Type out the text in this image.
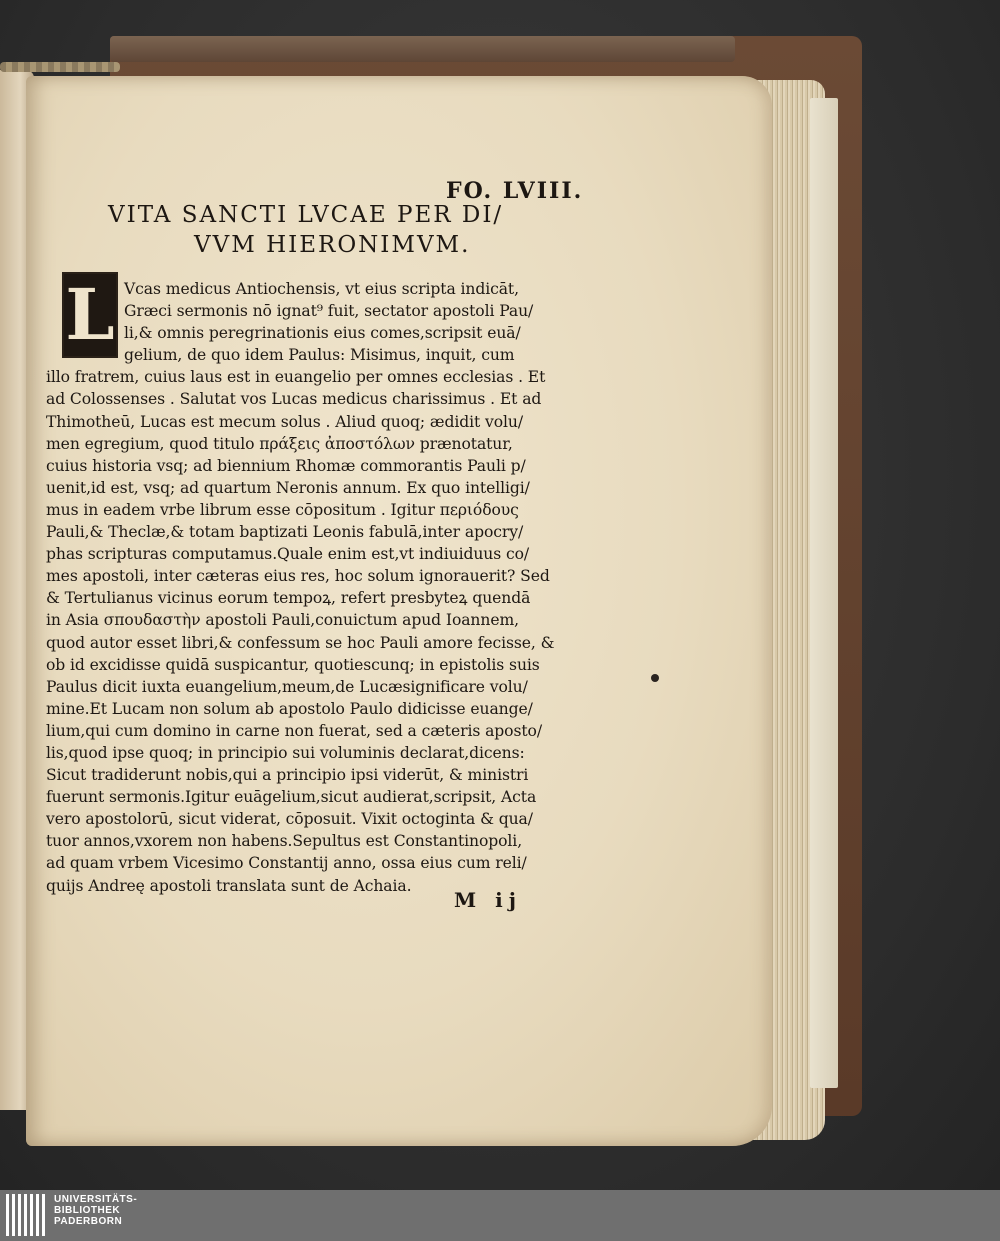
FO. LVIII.
VITA SANCTI LVCAE PER DI/
VVM HIERONIMVM.
L Vcas medicus Antiochensis, vt eius scripta indicāt,
Græci sermonis nō ignat⁹ fuit, sectator apostoli Pau/
li,& omnis peregrinationis eius comes,scripsit euā/
gelium, de quo idem Paulus: Misimus, inquit, cum
illo fratrem, cuius laus est in euangelio per omnes ecclesias . Et
ad Colossenses . Salutat vos Lucas medicus charissimus . Et ad
Thimotheū, Lucas est mecum solus . Aliud quoq; ædidit volu/
men egregium, quod titulo πράξεις ἀποστόλων prænotatur,
cuius historia vsq; ad biennium Rhomæ commorantis Pauli p/
uenit,id est, vsq; ad quartum Neronis annum. Ex quo intelligi/
mus in eadem vrbe librum esse cōpositum . Igitur περιόδους
Pauli,& Theclæ,& totam baptizati Leonis fabulā,inter apocry/
phas scripturas computamus.Quale enim est,vt indiuiduus co/
mes apostoli, inter cæteras eius res, hoc solum ignorauerit? Sed
& Tertulianus vicinus eorum tempoꝝ, refert presbyteꝝ quendā
in Asia σπουδαστὴν apostoli Pauli,conuictum apud Ioannem,
quod autor esset libri,& confessum se hoc Pauli amore fecisse, &
ob id excidisse quidā suspicantur, quotiescunq; in epistolis suis
Paulus dicit iuxta euangelium,meum,de Lucæsignificare volu/
mine.Et Lucam non solum ab apostolo Paulo didicisse euange/
lium,qui cum domino in carne non fuerat, sed a cæteris aposto/
lis,quod ipse quoq; in principio sui voluminis declarat,dicens:
Sicut tradiderunt nobis,qui a principio ipsi viderūt, & ministri
fuerunt sermonis.Igitur euāgelium,sicut audierat,scripsit, Acta
vero apostolorū, sicut viderat, cōposuit. Vixit octoginta & qua/
tuor annos,vxorem non habens.Sepultus est Constantinopoli,
ad quam vrbem Vicesimo Constantij anno, ossa eius cum reli/
quijs Andreę apostoli translata sunt de Achaia.
M ij
UNIVERSITÄTS-
BIBLIOTHEK
PADERBORN
